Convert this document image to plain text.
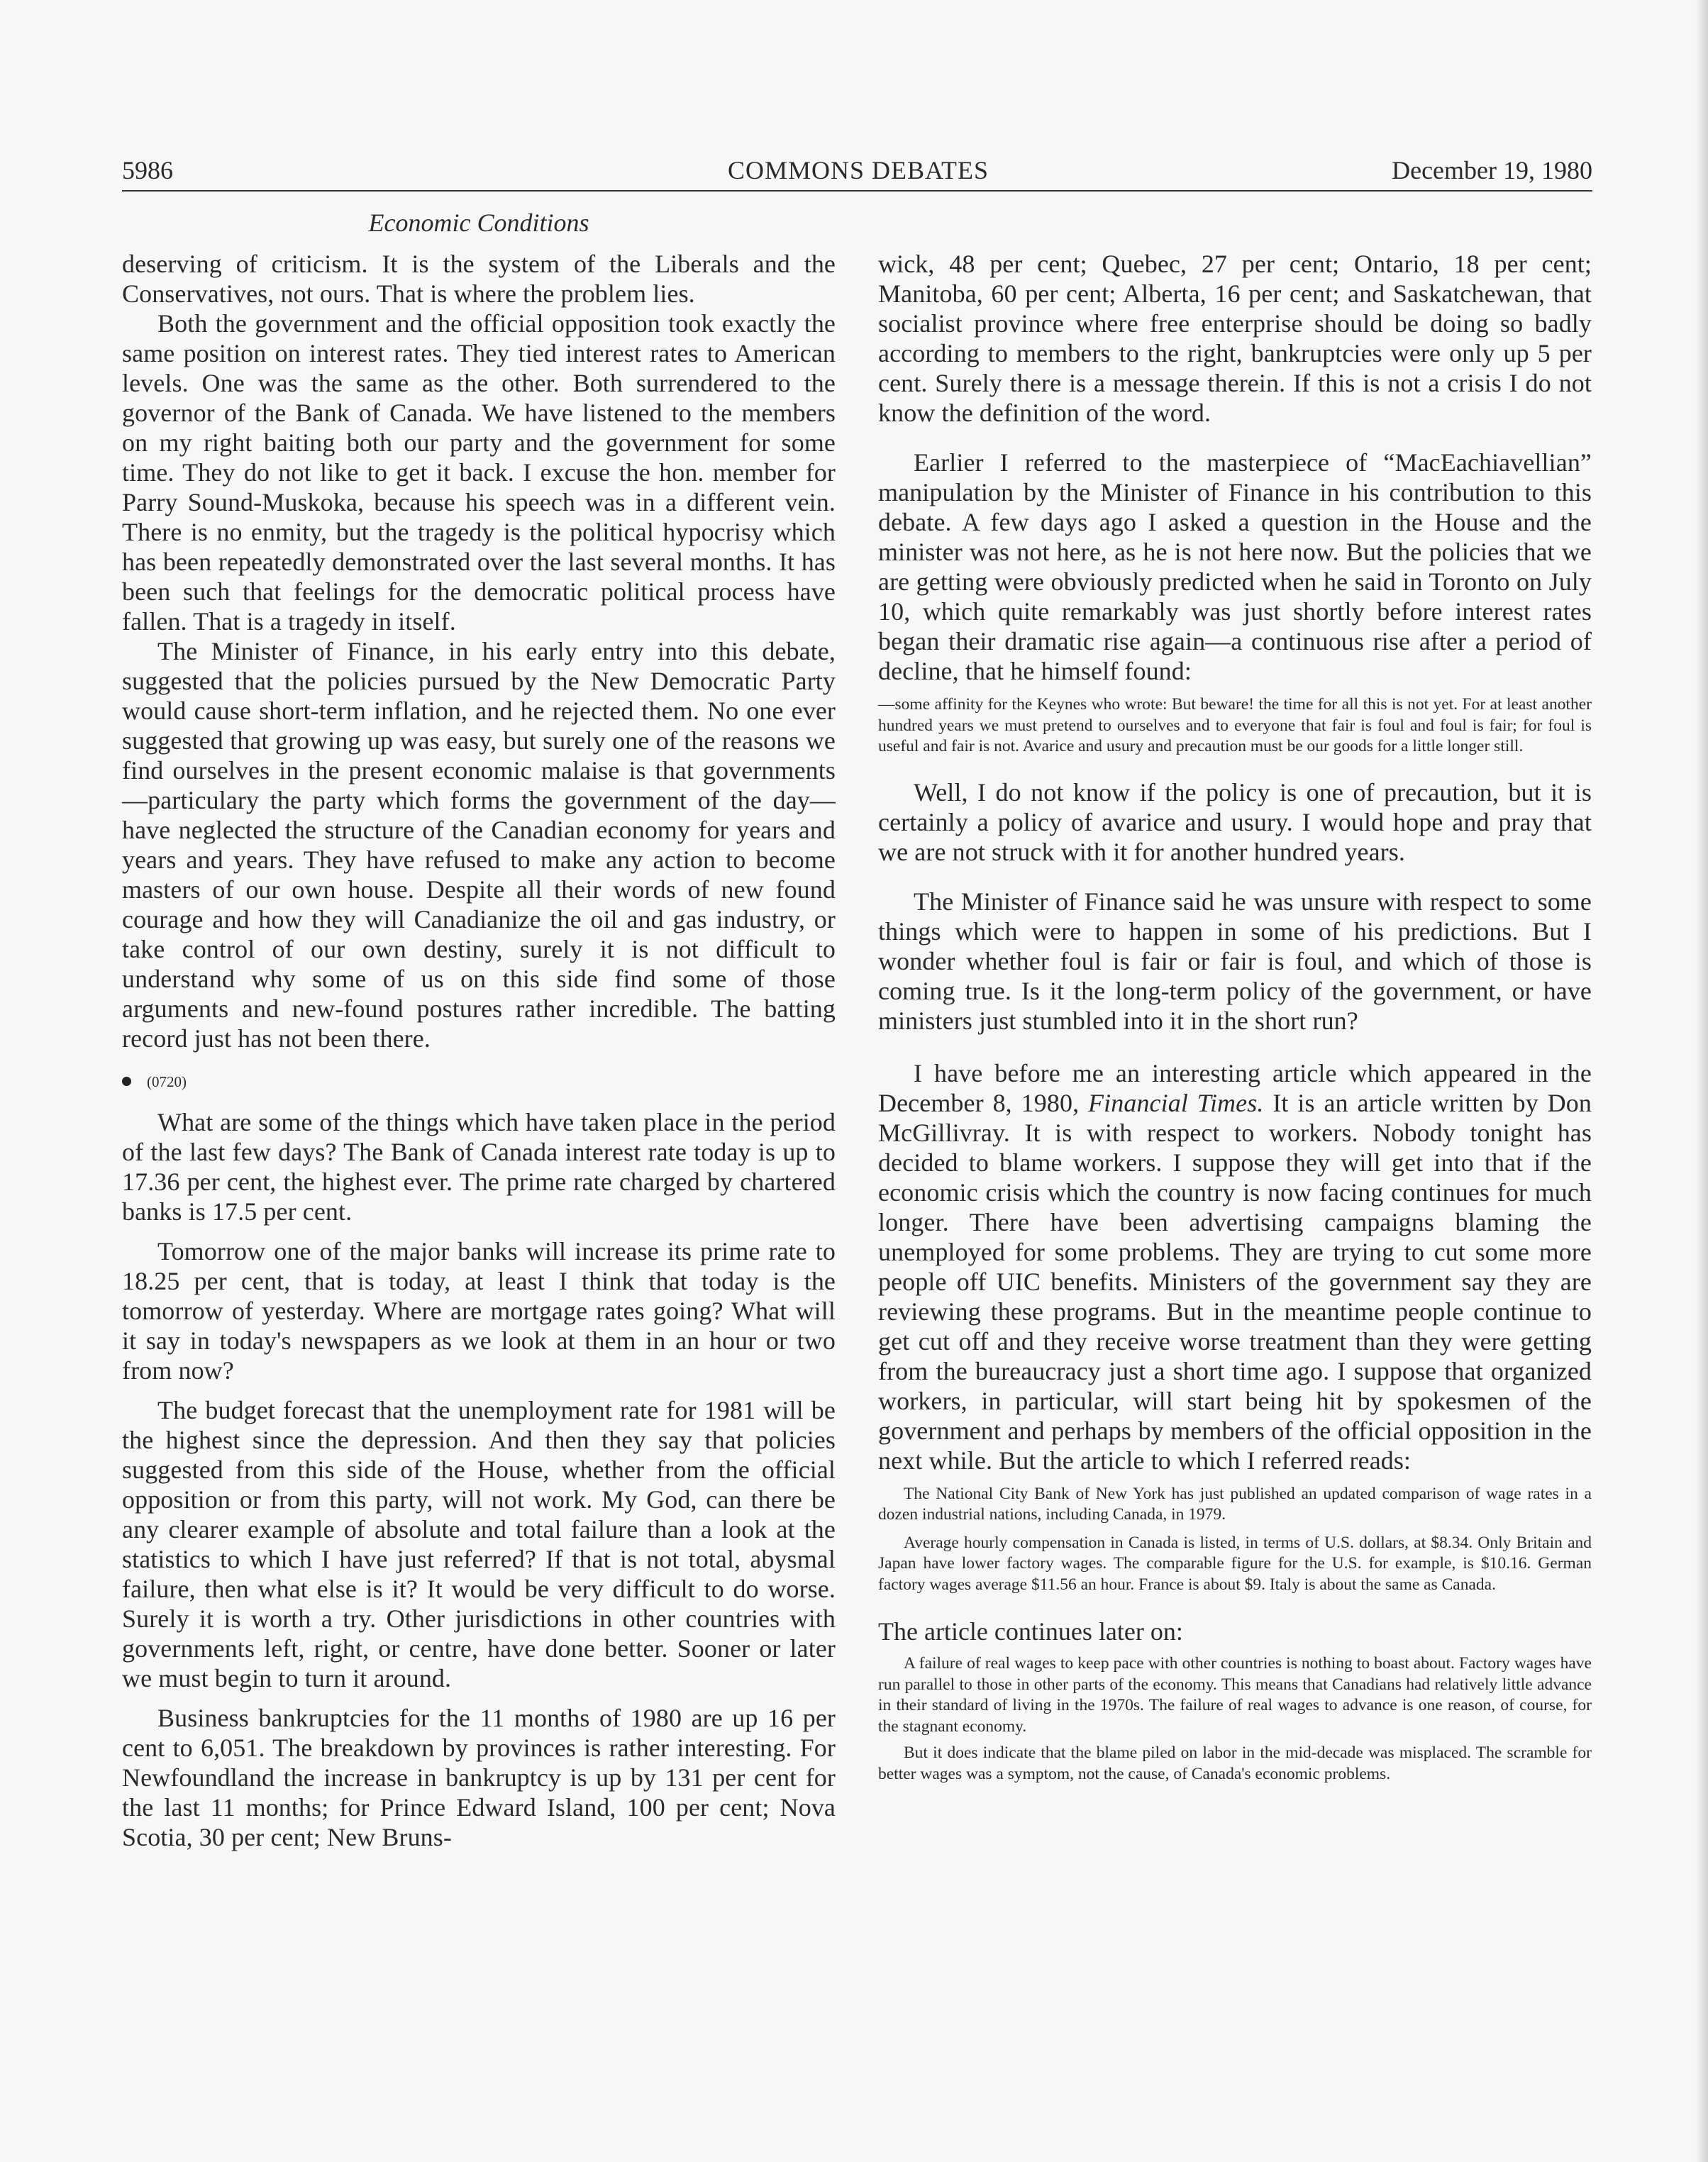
5986	COMMONS DEBATES	December 19, 1980
Economic Conditions

deserving of criticism. It is the system of the Liberals and the Conservatives, not ours. That is where the problem lies.

Both the government and the official opposition took exactly the same position on interest rates. They tied interest rates to American levels. One was the same as the other. Both surrendered to the governor of the Bank of Canada. We have listened to the members on my right baiting both our party and the government for some time. They do not like to get it back. I excuse the hon. member for Parry Sound-Muskoka, because his speech was in a different vein. There is no enmity, but the tragedy is the political hypocrisy which has been repeatedly demonstrated over the last several months. It has been such that feelings for the democratic political process have fallen. That is a tragedy in itself.

The Minister of Finance, in his early entry into this debate, suggested that the policies pursued by the New Democratic Party would cause short-term inflation, and he rejected them. No one ever suggested that growing up was easy, but surely one of the reasons we find ourselves in the present economic malaise is that governments—particulary the party which forms the government of the day—have neglected the structure of the Canadian economy for years and years and years. They have refused to make any action to become masters of our own house. Despite all their words of new found courage and how they will Canadianize the oil and gas industry, or take control of our own destiny, surely it is not difficult to understand why some of us on this side find some of those arguments and new-found postures rather incredible. The batting record just has not been there.

(0720)

What are some of the things which have taken place in the period of the last few days? The Bank of Canada interest rate today is up to 17.36 per cent, the highest ever. The prime rate charged by chartered banks is 17.5 per cent.

Tomorrow one of the major banks will increase its prime rate to 18.25 per cent, that is today, at least I think that today is the tomorrow of yesterday. Where are mortgage rates going? What will it say in today's newspapers as we look at them in an hour or two from now?

The budget forecast that the unemployment rate for 1981 will be the highest since the depression. And then they say that policies suggested from this side of the House, whether from the official opposition or from this party, will not work. My God, can there be any clearer example of absolute and total failure than a look at the statistics to which I have just referred? If that is not total, abysmal failure, then what else is it? It would be very difficult to do worse. Surely it is worth a try. Other jurisdictions in other countries with governments left, right, or centre, have done better. Sooner or later we must begin to turn it around.

Business bankruptcies for the 11 months of 1980 are up 16 per cent to 6,051. The breakdown by provinces is rather interesting. For Newfoundland the increase in bankruptcy is up by 131 per cent for the last 11 months; for Prince Edward Island, 100 per cent; Nova Scotia, 30 per cent; New Bruns-

wick, 48 per cent; Quebec, 27 per cent; Ontario, 18 per cent; Manitoba, 60 per cent; Alberta, 16 per cent; and Saskatchewan, that socialist province where free enterprise should be doing so badly according to members to the right, bankruptcies were only up 5 per cent. Surely there is a message therein. If this is not a crisis I do not know the definition of the word.

Earlier I referred to the masterpiece of “MacEachiavellian” manipulation by the Minister of Finance in his contribution to this debate. A few days ago I asked a question in the House and the minister was not here, as he is not here now. But the policies that we are getting were obviously predicted when he said in Toronto on July 10, which quite remarkably was just shortly before interest rates began their dramatic rise again—a continuous rise after a period of decline, that he himself found:

—some affinity for the Keynes who wrote: But beware! the time for all this is not yet. For at least another hundred years we must pretend to ourselves and to everyone that fair is foul and foul is fair; for foul is useful and fair is not. Avarice and usury and precaution must be our goods for a little longer still.

Well, I do not know if the policy is one of precaution, but it is certainly a policy of avarice and usury. I would hope and pray that we are not struck with it for another hundred years.

The Minister of Finance said he was unsure with respect to some things which were to happen in some of his predictions. But I wonder whether foul is fair or fair is foul, and which of those is coming true. Is it the long-term policy of the government, or have ministers just stumbled into it in the short run?

I have before me an interesting article which appeared in the December 8, 1980, Financial Times. It is an article written by Don McGillivray. It is with respect to workers. Nobody tonight has decided to blame workers. I suppose they will get into that if the economic crisis which the country is now facing continues for much longer. There have been advertising campaigns blaming the unemployed for some problems. They are trying to cut some more people off UIC benefits. Ministers of the government say they are reviewing these programs. But in the meantime people continue to get cut off and they receive worse treatment than they were getting from the bureaucracy just a short time ago. I suppose that organized workers, in particular, will start being hit by spokesmen of the government and perhaps by members of the official opposition in the next while. But the article to which I referred reads:

The National City Bank of New York has just published an updated comparison of wage rates in a dozen industrial nations, including Canada, in 1979.

Average hourly compensation in Canada is listed, in terms of U.S. dollars, at $8.34. Only Britain and Japan have lower factory wages. The comparable figure for the U.S. for example, is $10.16. German factory wages average $11.56 an hour. France is about $9. Italy is about the same as Canada.

The article continues later on:

A failure of real wages to keep pace with other countries is nothing to boast about. Factory wages have run parallel to those in other parts of the economy. This means that Canadians had relatively little advance in their standard of living in the 1970s. The failure of real wages to advance is one reason, of course, for the stagnant economy.

But it does indicate that the blame piled on labor in the mid-decade was misplaced. The scramble for better wages was a symptom, not the cause, of Canada's economic problems.
